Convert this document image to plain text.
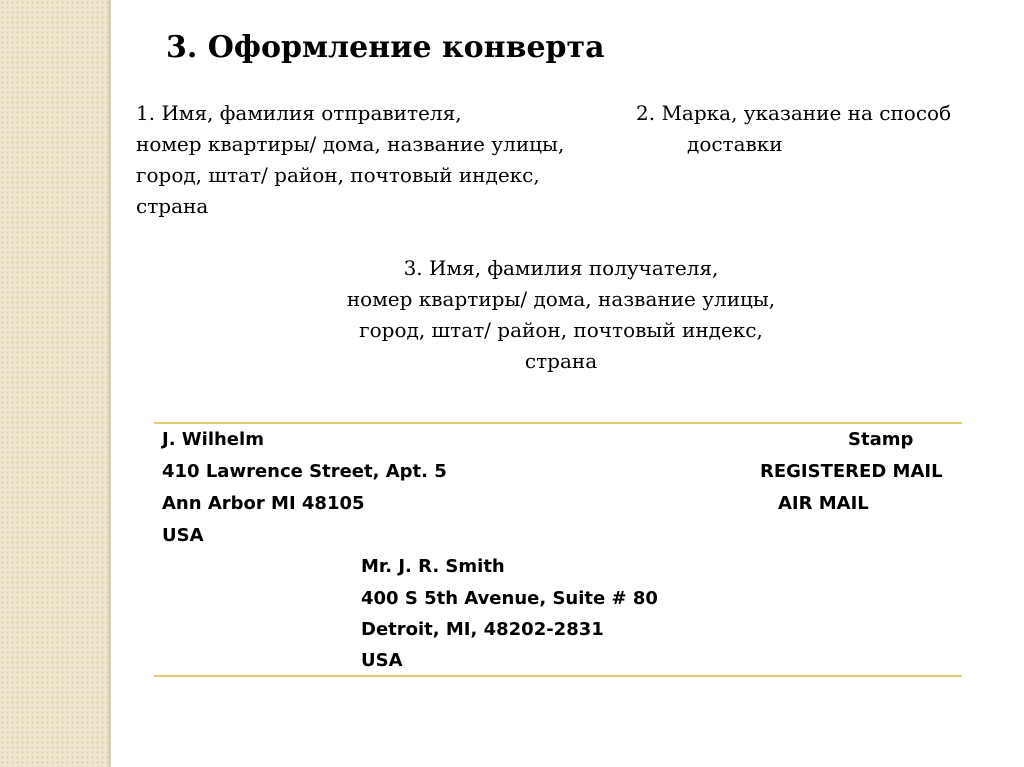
3. Оформление конверта
1. Имя, фамилия отправителя,
номер квартиры/ дома, название улицы,
город, штат/ район, почтовый индекс,
страна
2. Марка, указание на способ
доставки
3. Имя, фамилия получателя,
номер квартиры/ дома, название улицы,
город, штат/ район, почтовый индекс,
страна
J. Wilhelm
410 Lawrence Street, Apt. 5
Ann Arbor MI 48105
USA
Stamp
REGISTERED MAIL
AIR MAIL
Mr. J. R. Smith
400 S 5th Avenue, Suite # 80
Detroit, MI, 48202-2831
USA
